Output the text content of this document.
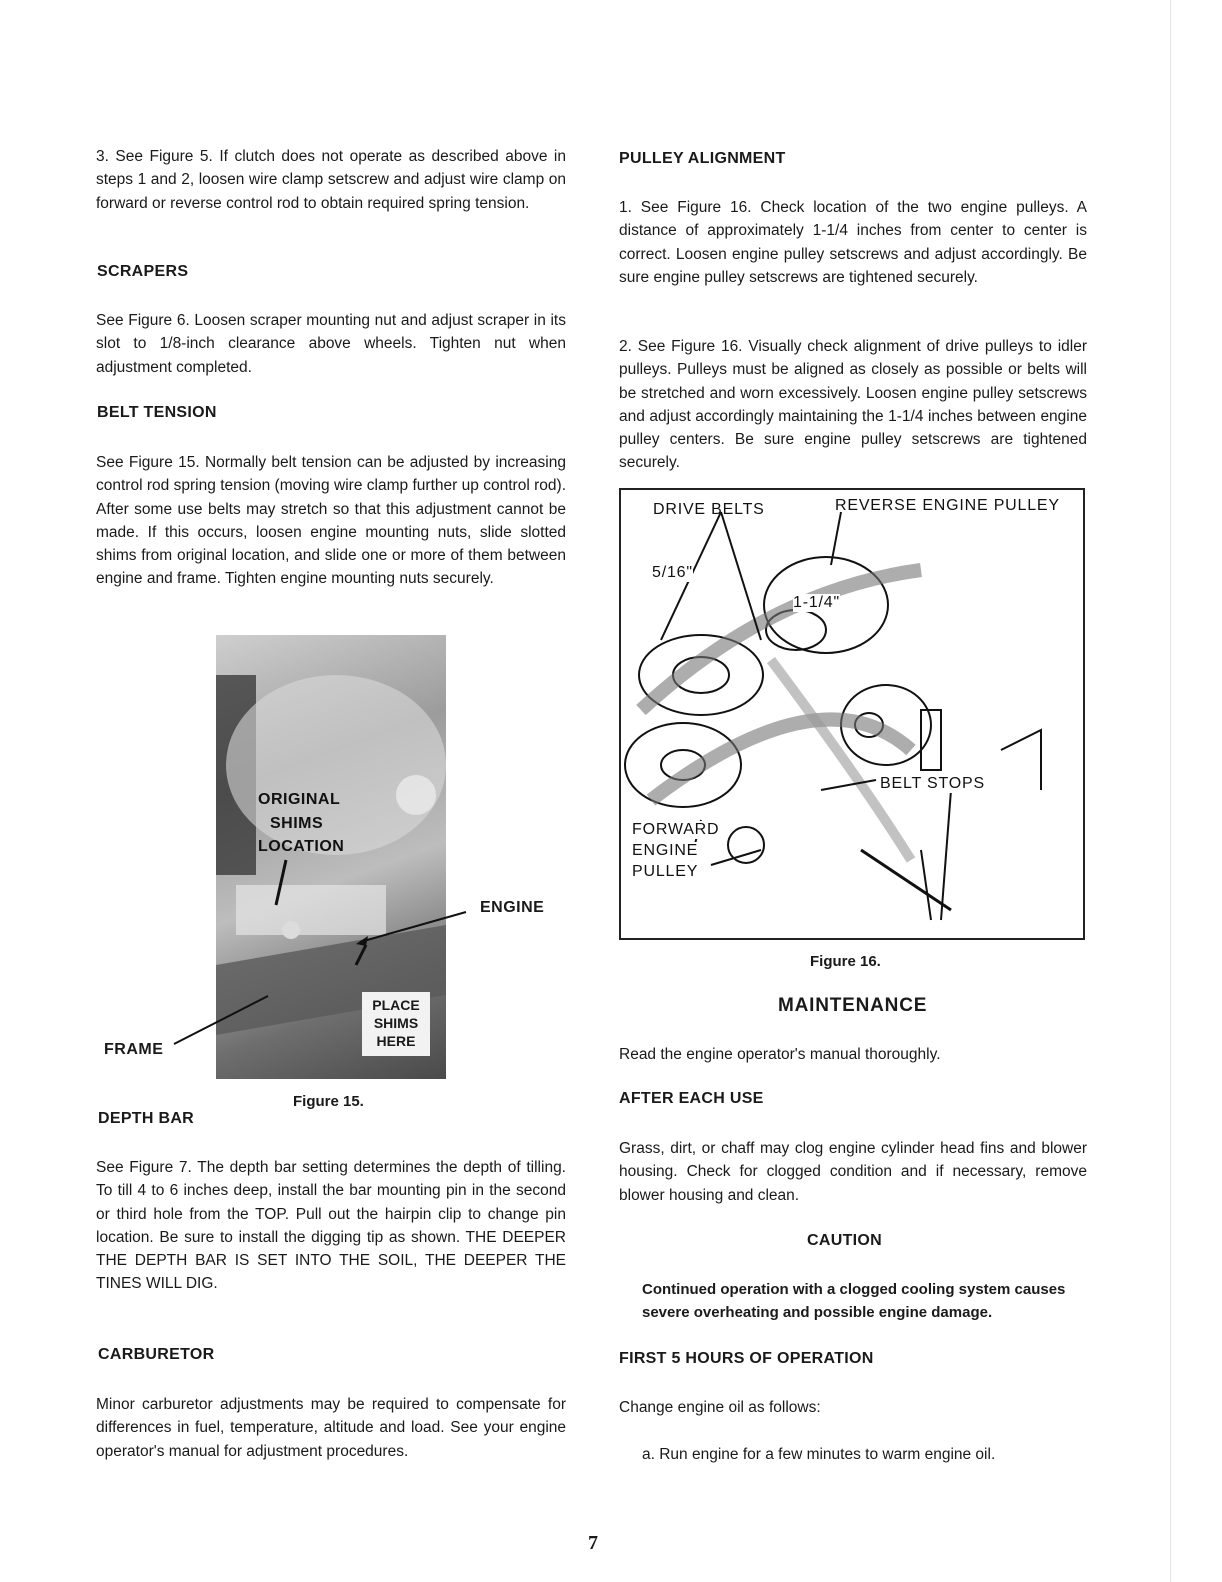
3. See Figure 5. If clutch does not operate as described above in steps 1 and 2, loosen wire clamp setscrew and adjust wire clamp on forward or reverse control rod to obtain required spring tension.

SCRAPERS

See Figure 6. Loosen scraper mounting nut and adjust scraper in its slot to 1/8-inch clearance above wheels. Tighten nut when adjustment completed.

BELT TENSION

See Figure 15. Normally belt tension can be adjusted by increasing control rod spring tension (moving wire clamp further up control rod). After some use belts may stretch so that this adjustment cannot be made. If this occurs, loosen engine mounting nuts, slide slotted shims from original location, and slide one or more of them between engine and frame. Tighten engine mounting nuts securely.

ORIGINAL
SHIMS
LOCATION
PLACE
SHIMS
HERE
ENGINE
FRAME
Figure 15.
DEPTH BAR

See Figure 7. The depth bar setting determines the depth of tilling. To till 4 to 6 inches deep, install the bar mounting pin in the second or third hole from the TOP. Pull out the hairpin clip to change pin location. Be sure to install the digging tip as shown. THE DEEPER THE DEPTH BAR IS SET INTO THE SOIL, THE DEEPER THE TINES WILL DIG.

CARBURETOR

Minor carburetor adjustments may be required to compensate for differences in fuel, temperature, altitude and load. See your engine operator's manual for adjustment procedures.

PULLEY ALIGNMENT

1. See Figure 16. Check location of the two engine pulleys. A distance of approximately 1-1/4 inches from center to center is correct. Loosen engine pulley setscrews and adjust accordingly. Be sure engine pulley setscrews are tightened securely.

2. See Figure 16. Visually check alignment of drive pulleys to idler pulleys. Pulleys must be aligned as closely as possible or belts will be stretched and worn excessively. Loosen engine pulley setscrews and adjust accordingly maintaining the 1-1/4 inches between engine pulley centers. Be sure engine pulley setscrews are tightened securely.

DRIVE BELTS	REVERSE ENGINE PULLEY
5/16"
1-1/4"
BELT STOPS
FORWARD
ENGINE
PULLEY
Figure 16.
MAINTENANCE

Read the engine operator's manual thoroughly.

AFTER EACH USE

Grass, dirt, or chaff may clog engine cylinder head fins and blower housing. Check for clogged condition and if necessary, remove blower housing and clean.

CAUTION

Continued operation with a clogged cooling system causes severe overheating and possible engine damage.

FIRST 5 HOURS OF OPERATION

Change engine oil as follows:

a. Run engine for a few minutes to warm engine oil.

7
